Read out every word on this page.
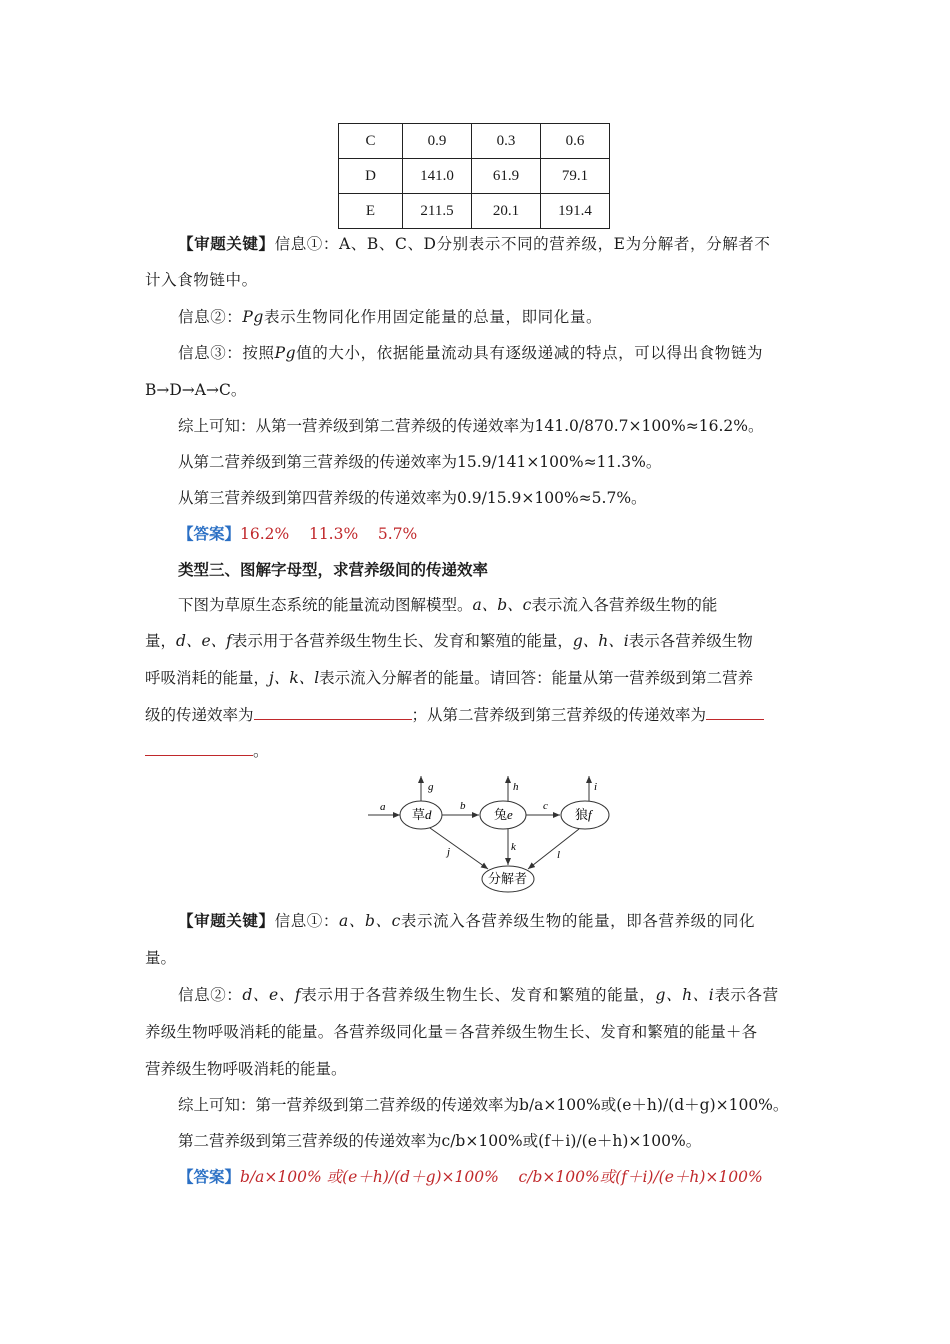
C	0.9	0.3	0.6
D	141.0	61.9	79.1
E	211.5	20.1	191.4
【审题关键】信息①：A、B、C、D分别表示不同的营养级，E为分解者，分解者不
计入食物链中。
信息②：Pg表示生物同化作用固定能量的总量，即同化量。
信息③：按照Pg值的大小，依据能量流动具有逐级递减的特点，可以得出食物链为
B→D→A→C。
综上可知：从第一营养级到第二营养级的传递效率为141.0/870.7×100%≈16.2%。
从第二营养级到第三营养级的传递效率为15.9/141×100%≈11.3%。
从第三营养级到第四营养级的传递效率为0.9/15.9×100%≈5.7%。
【答案】16.2%    11.3%    5.7%
类型三、图解字母型，求营养级间的传递效率
下图为草原生态系统的能量流动图解模型。a、b、c表示流入各营养级生物的能
量，d、e、f表示用于各营养级生物生长、发育和繁殖的能量，g、h、i表示各营养级生物
呼吸消耗的能量，j、k、l表示流入分解者的能量。请回答：能量从第一营养级到第二营养
级的传递效率为	；从第二营养级到第三营养级的传递效率为
。
a 草d
b
兔e
c
狼f
g	h	i
分解者
j	k
l
【审题关键】信息①：a、b、c表示流入各营养级生物的能量，即各营养级的同化
量。
信息②：d、e、f表示用于各营养级生物生长、发育和繁殖的能量，g、h、i表示各营
养级生物呼吸消耗的能量。各营养级同化量＝各营养级生物生长、发育和繁殖的能量＋各
营养级生物呼吸消耗的能量。
综上可知：第一营养级到第二营养级的传递效率为b/a×100%或(e＋h)/(d＋g)×100%。
第二营养级到第三营养级的传递效率为c/b×100%或(f＋i)/(e＋h)×100%。
【答案】b/a×100% 或(e＋h)/(d＋g)×100%    c/b×100%或(f＋i)/(e＋h)×100%
